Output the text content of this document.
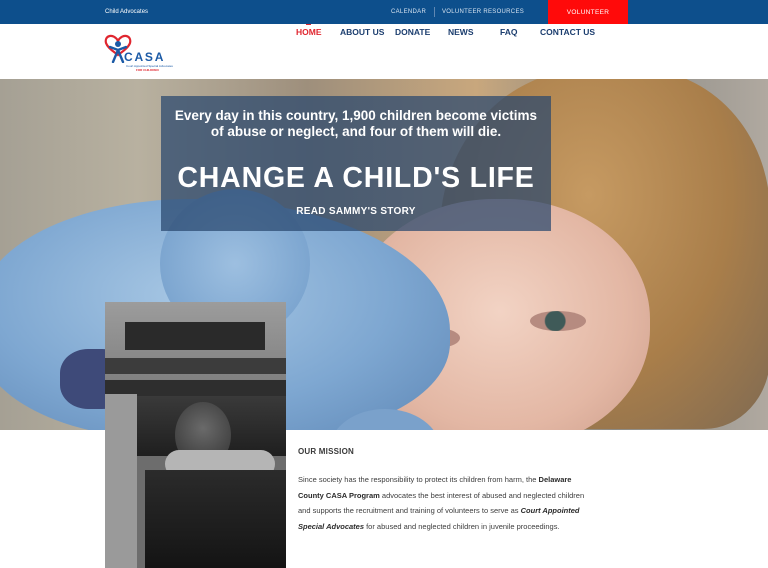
Child Advocates	CALENDAR	VOLUNTEER RESOURCES	VOLUNTEER
CASA
Court Appointed Special Advocates
FOR CHILDREN
HOME ABOUT US DONATE NEWS	FAQ	CONTACT US
Every day in this country, 1,900 children become victims of abuse or neglect, and four of them will die.
CHANGE A CHILD'S LIFE
READ SAMMY'S STORY
OUR MISSION

Since society has the responsibility to protect its children from harm, the Delaware County CASA Program advocates the best interest of abused and neglected children and supports the recruitment and training of volunteers to serve as Court Appointed Special Advocates for abused and neglected children in juvenile proceedings.
